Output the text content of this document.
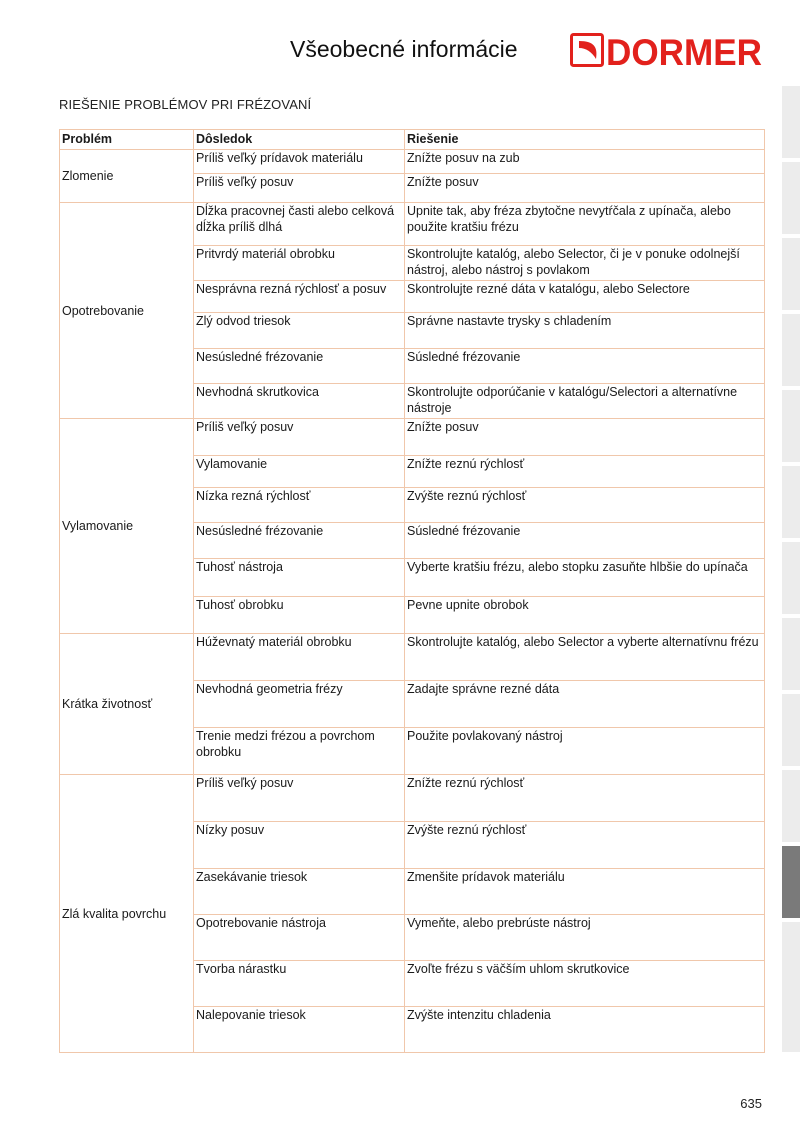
Všeobecné informácie DORMER
RIEŠENIE PROBLÉMOV PRI FRÉZOVANÍ
Problém	Dôsledok	Riešenie
Zlomenie	Príliš veľký prídavok materiálu	Znížte posuv na zub
	Príliš veľký posuv	Znížte posuv
Opotrebovanie	Dĺžka pracovnej časti alebo celková dĺžka príliš dlhá	Upnite tak, aby fréza zbytočne nevytŕčala z upínača, alebo použite kratšiu frézu
	Pritvrdý materiál obrobku	Skontrolujte katalóg, alebo Selector, či je v ponuke odolnejší nástroj, alebo nástroj s povlakom
	Nesprávna rezná rýchlosť a posuv	Skontrolujte rezné dáta v katalógu, alebo Selectore
	Zlý odvod triesok	Správne nastavte trysky s chladením
	Nesúsledné frézovanie	Súsledné frézovanie
	Nevhodná skrutkovica	Skontrolujte odporúčanie v katalógu/Selectori a alternatívne nástroje
Vylamovanie	Príliš veľký posuv	Znížte posuv
	Vylamovanie	Znížte reznú rýchlosť
	Nízka rezná rýchlosť	Zvýšte reznú rýchlosť
	Nesúsledné frézovanie	Súsledné frézovanie
	Tuhosť nástroja	Vyberte kratšiu frézu, alebo stopku zasuňte hlbšie do upínača
	Tuhosť obrobku	Pevne upnite obrobok
Krátka životnosť	Húževnatý materiál obrobku	Skontrolujte katalóg, alebo Selector a vyberte alternatívnu frézu
	Nevhodná geometria frézy	Zadajte správne rezné dáta
	Trenie medzi frézou a povrchom obrobku	Použite povlakovaný nástroj
Zlá kvalita povrchu	Príliš veľký posuv	Znížte reznú rýchlosť
	Nízky posuv	Zvýšte reznú rýchlosť
	Zasekávanie triesok	Zmenšite prídavok materiálu
	Opotrebovanie nástroja	Vymeňte, alebo prebrúste nástroj
	Tvorba nárastku	Zvoľte frézu s väčším uhlom skrutkovice
	Nalepovanie triesok	Zvýšte intenzitu chladenia
635
